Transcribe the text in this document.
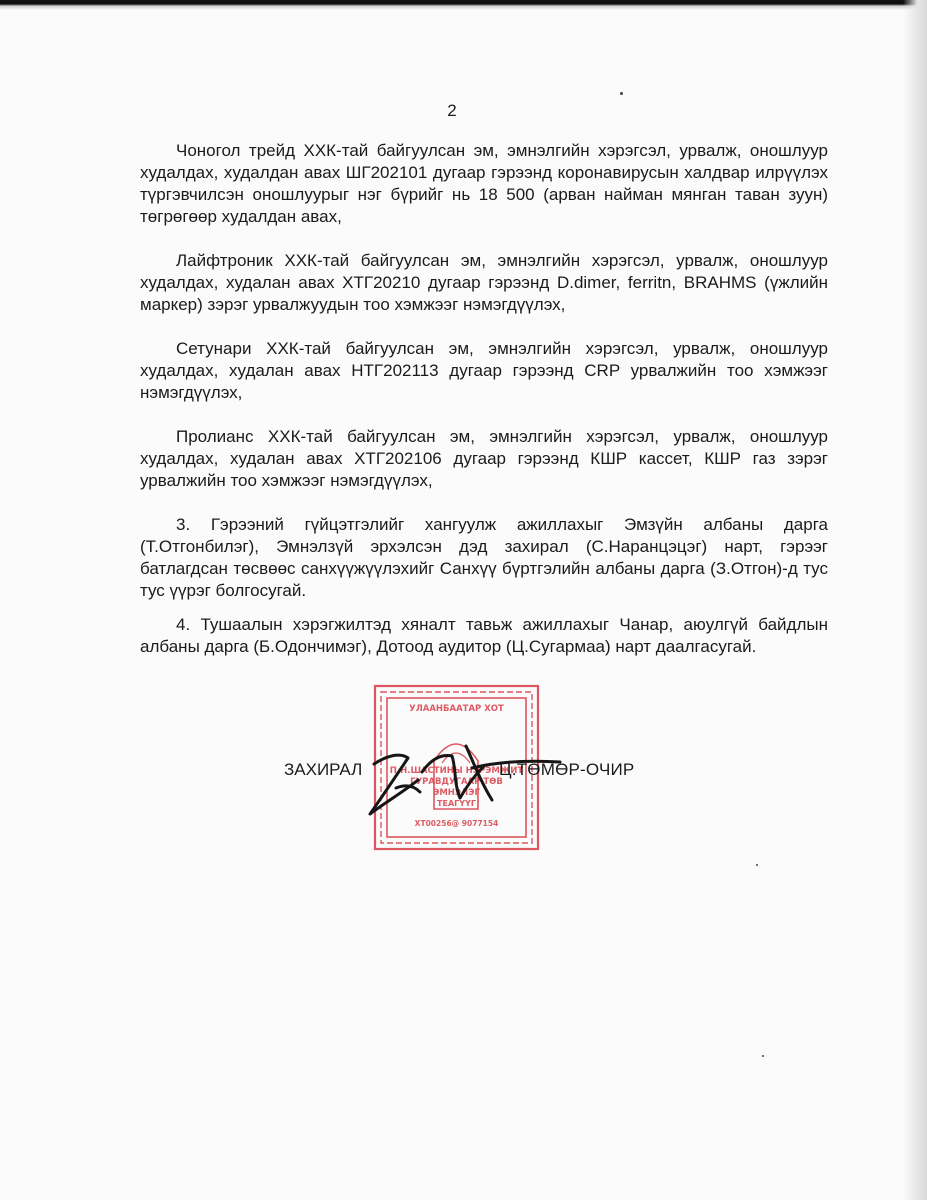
2

Чоногол трейд ХХК-тай байгуулсан эм, эмнэлгийн хэрэгсэл, урвалж, оношлуур худалдах, худалдан авах ШГ202101 дугаар гэрээнд коронавирусын халдвар илрүүлэх түргэвчилсэн оношлуурыг нэг бүрийг нь 18 500 (арван найман мянган таван зуун) төгрөгөөр худалдан авах,

Лайфтроник ХХК-тай байгуулсан эм, эмнэлгийн хэрэгсэл, урвалж, оношлуур худалдах, худалан авах ХТГ20210 дугаар гэрээнд D.dimer, ferritn, BRAHMS (үжлийн маркер) зэрэг урвалжуудын тоо хэмжээг нэмэгдүүлэх,

Сетунари ХХК-тай байгуулсан эм, эмнэлгийн хэрэгсэл, урвалж, оношлуур худалдах, худалан авах НТГ202113 дугаар гэрээнд CRP урвалжийн тоо хэмжээг нэмэгдүүлэх,

Пролианс ХХК-тай байгуулсан эм, эмнэлгийн хэрэгсэл, урвалж, оношлуур худалдах, худалан авах ХТГ202106 дугаар гэрээнд КШР кассет, КШР газ зэрэг урвалжийн тоо хэмжээг нэмэгдүүлэх,

3. Гэрээний гүйцэтгэлийг хангуулж ажиллахыг Эмзүйн албаны дарга (Т.Отгонбилэг), Эмнэлзүй эрхэлсэн дэд захирал (С.Наранцэцэг) нарт, гэрээг батлагдсан төсвөөс санхүүжүүлэхийг Санхүү бүртгэлийн албаны дарга (З.Отгон)-д тус тус үүрэг болгосугай.

4. Тушаалын хэрэгжилтэд хяналт тавьж ажиллахыг Чанар, аюулгүй байдлын албаны дарга (Б.Одончимэг), Дотоод аудитор (Ц.Сугармаа) нарт даалгасугай.

УЛААНБААТАР ХОТ
П.Н.ШАСТИНЫ НЭРЭМЖИТ
ГУРАВДУГААР ТӨВ
ЭМНЭЛЭГ
ТЕАГҮҮГ
ХТ00256@ 9077154
ЗАХИРАЛ	Ц.ТӨМӨР-ОЧИР
